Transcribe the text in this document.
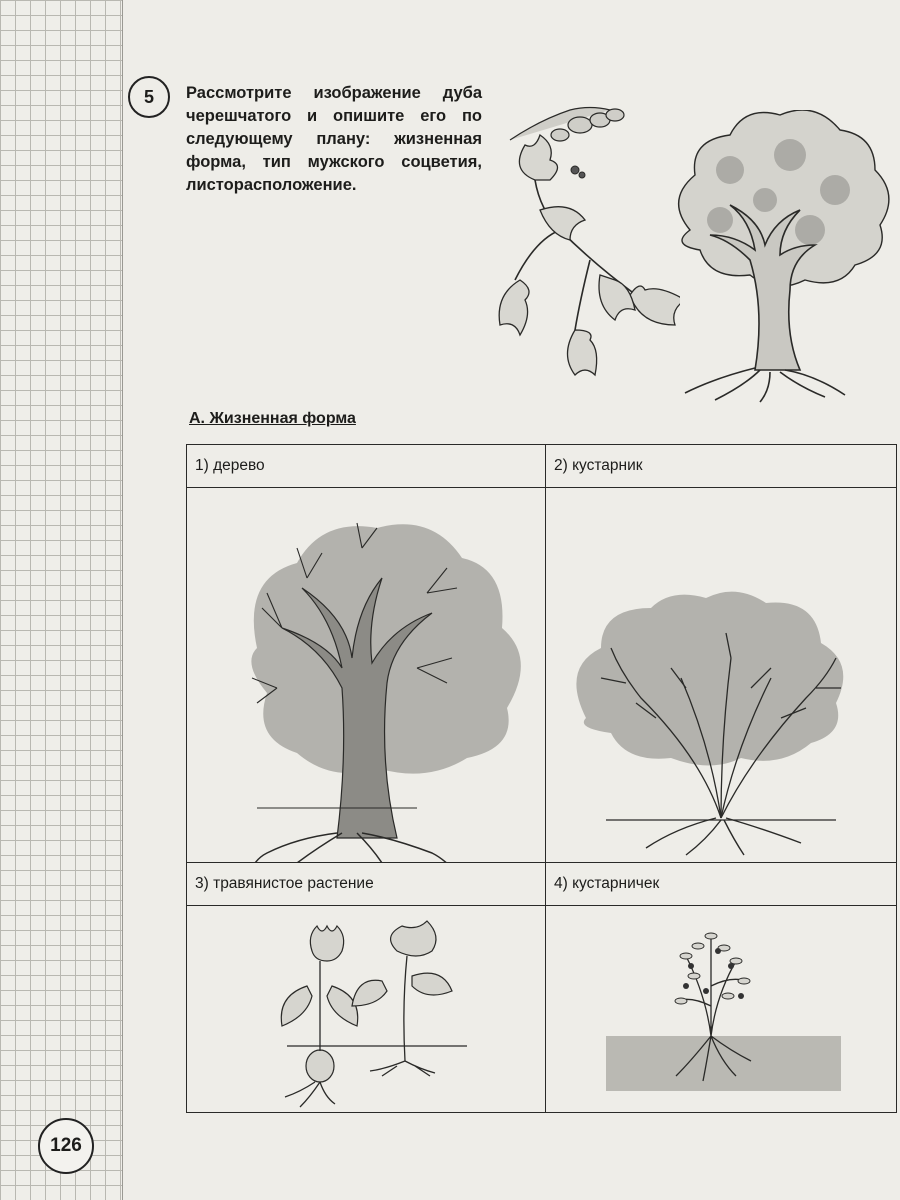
5 Рассмотрите изображение дуба черешчатого и опишите его по следующему плану: жизненная форма, тип мужского соцветия, листорасположение.
А. Жизненная форма
1) дерево	2) кустарник

3) травянистое растение	4) кустарничек

126
